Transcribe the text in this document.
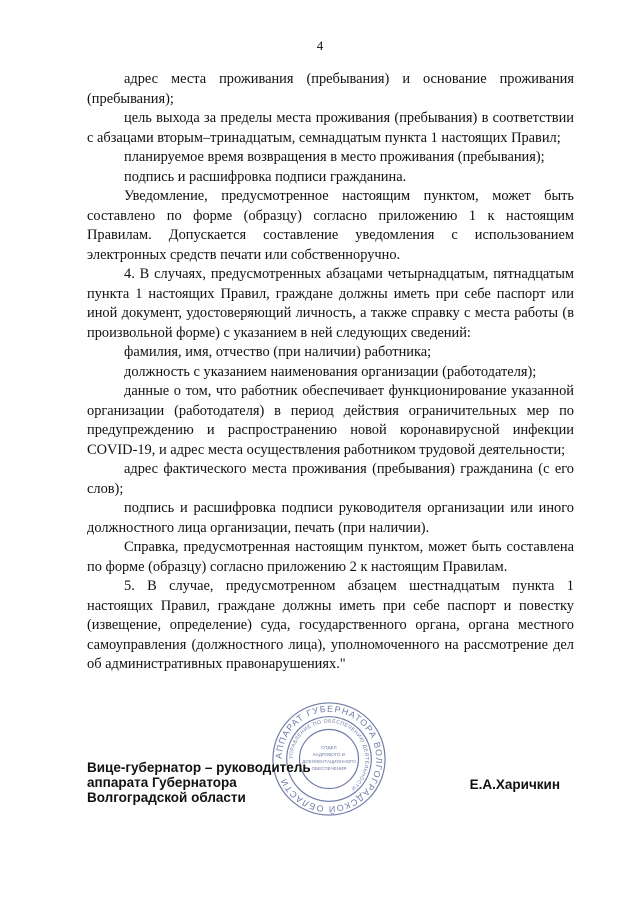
4

адрес места проживания (пребывания) и основание проживания (пребывания);

цель выхода за пределы места проживания (пребывания) в соответствии с абзацами вторым–тринадцатым, семнадцатым пункта 1 настоящих Правил;

планируемое время возвращения в место проживания (пребывания);

подпись и расшифровка подписи гражданина.

Уведомление, предусмотренное настоящим пунктом, может быть составлено по форме (образцу) согласно приложению 1 к настоящим Правилам. Допускается составление уведомления с использованием электронных средств печати или собственноручно.

4. В случаях, предусмотренных абзацами четырнадцатым, пятнадцатым пункта 1 настоящих Правил, граждане должны иметь при себе паспорт или иной документ, удостоверяющий личность, а также справку с места работы (в произвольной форме) с указанием в ней следующих сведений:

фамилия, имя, отчество (при наличии) работника;

должность с указанием наименования организации (работодателя);

данные о том, что работник обеспечивает функционирование указанной организации (работодателя) в период действия ограничительных мер по предупреждению и распространению новой коронавирусной инфекции COVID-19, и адрес места осуществления работником трудовой деятельности;

адрес фактического места проживания (пребывания) гражданина (с его слов);

подпись и расшифровка подписи руководителя организации или иного должностного лица организации, печать (при наличии).

Справка, предусмотренная настоящим пунктом, может быть составлена по форме (образцу) согласно приложению 2 к настоящим Правилам.

5. В случае, предусмотренном абзацем шестнадцатым пункта 1 настоящих Правил, граждане должны иметь при себе паспорт и повестку (извещение, определение) суда, государственного органа, органа местного самоуправления (должностного лица), уполномоченного на рассмотрение дел об административных правонарушениях."

АППАРАТ ГУБЕРНАТОРА ВОЛГОГРАДСКОЙ ОБЛАСТИ
УПРАВЛЕНИЕ ПО ОБЕСПЕЧЕНИЮ ДЕЯТЕЛЬНОСТИ
ОТДЕЛ
КАДРОВОГО И
ДОКУМЕНТАЦИОННОГО
ОБЕСПЕЧЕНИЯ
Вице-губернатор – руководитель
аппарата Губернатора
Волгоградской области
Е.А.Харичкин
